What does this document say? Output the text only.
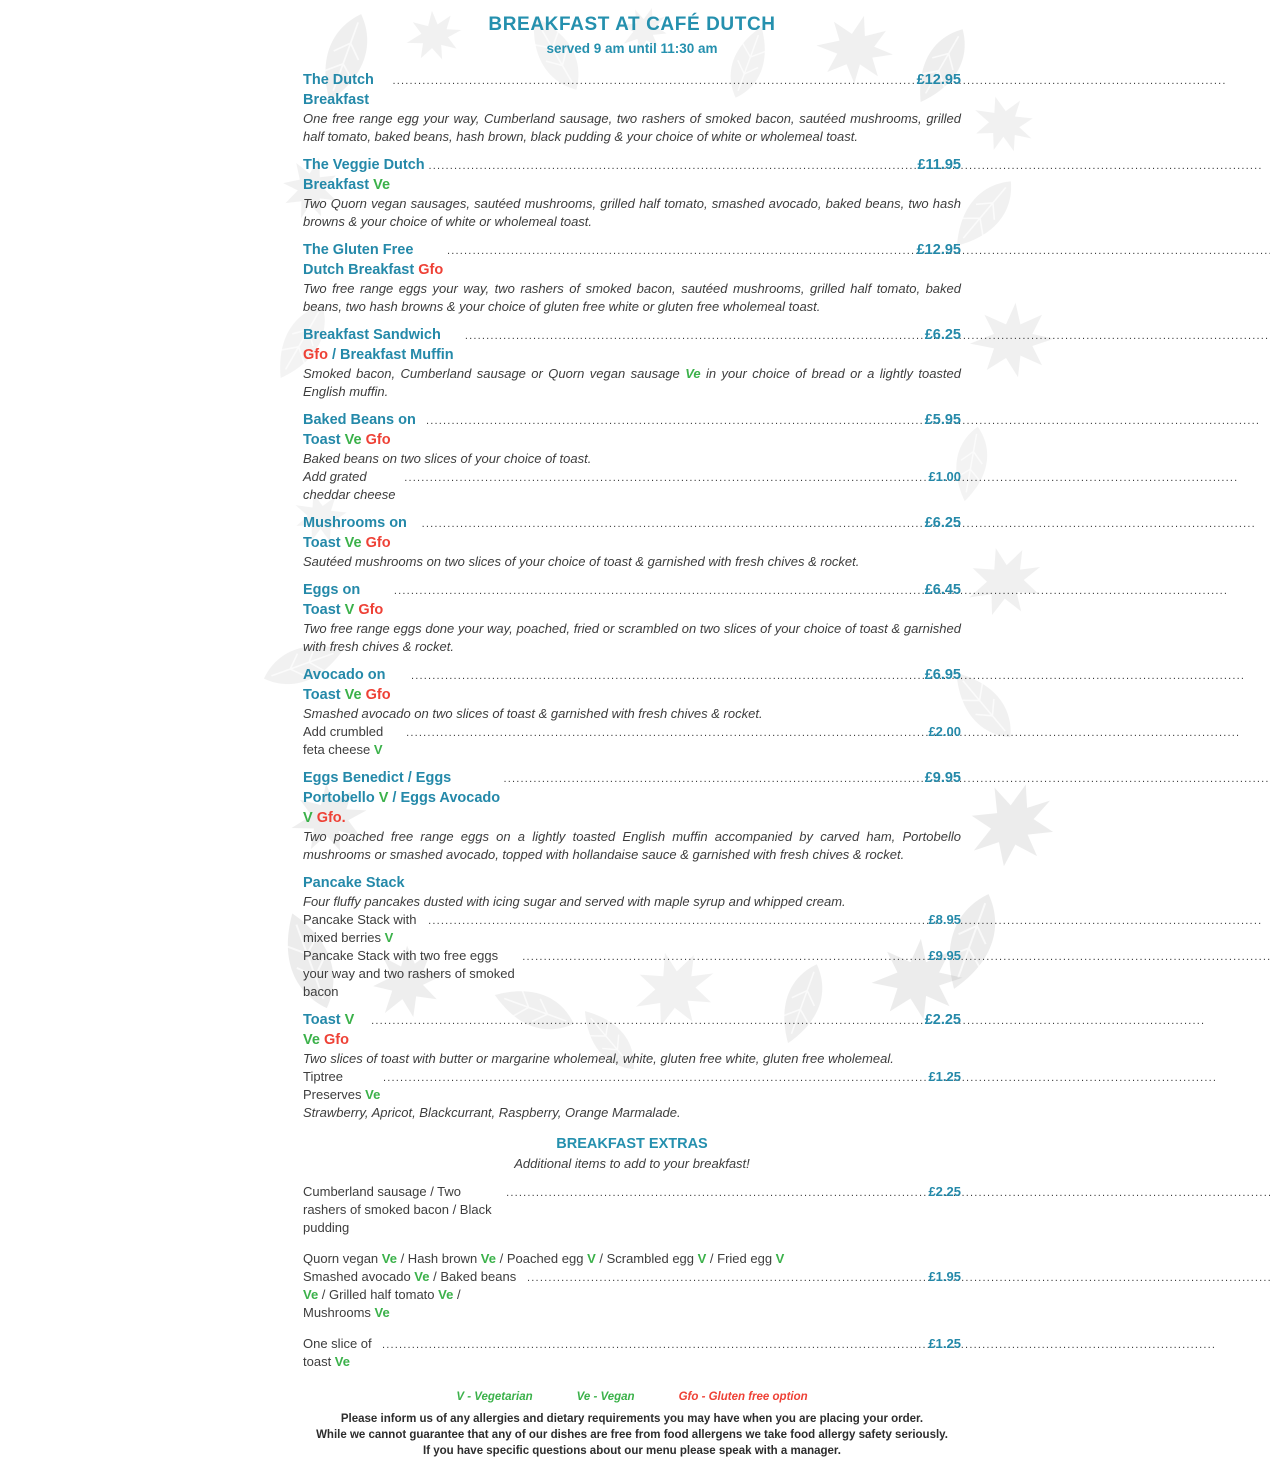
BREAKFAST AT CAFÉ DUTCH
served 9 am until 11:30 am
The Dutch Breakfast
.....
£12.95
One free range egg your way, Cumberland sausage, two rashers of smoked bacon, sautéed mushrooms, grilled half tomato, baked beans, hash brown, black pudding & your choice of white or wholemeal toast.
The Veggie Dutch Breakfast Ve
.....
£11.95
Two Quorn vegan sausages, sautéed mushrooms, grilled half tomato, smashed avocado, baked beans, two hash browns & your choice of white or wholemeal toast.
The Gluten Free Dutch Breakfast Gfo
.....
£12.95
Two free range eggs your way, two rashers of smoked bacon, sautéed mushrooms, grilled half tomato, baked beans, two hash browns & your choice of gluten free white or gluten free wholemeal toast.
Breakfast Sandwich Gfo / Breakfast Muffin
.....
£6.25
Smoked bacon, Cumberland sausage or Quorn vegan sausage Ve in your choice of bread or a lightly toasted English muffin.
Baked Beans on Toast Ve Gfo
.....
£5.95
Baked beans on two slices of your choice of toast.
Add grated cheddar cheese
.....
£1.00
Mushrooms on Toast Ve Gfo
.....
£6.25
Sautéed mushrooms on two slices of your choice of toast & garnished with fresh chives & rocket.
Eggs on Toast V Gfo
.....
£6.45
Two free range eggs done your way, poached, fried or scrambled on two slices of your choice of toast & garnished with fresh chives & rocket.
Avocado on Toast Ve Gfo
.....
£6.95
Smashed avocado on two slices of toast & garnished with fresh chives & rocket.
Add crumbled feta cheese V
.....
£2.00
Eggs Benedict / Eggs Portobello V / Eggs Avocado V Gfo.
.....
£9.95
Two poached free range eggs on a lightly toasted English muffin accompanied by carved ham, Portobello mushrooms or smashed avocado, topped with hollandaise sauce & garnished with fresh chives & rocket.
Pancake Stack
Four fluffy pancakes dusted with icing sugar and served with maple syrup and whipped cream.
Pancake Stack with mixed berries V
.....
£8.95
Pancake Stack with two free eggs your way and two rashers of smoked bacon
.....
£9.95
Toast V Ve Gfo
.....
£2.25
Two slices of toast with butter or margarine wholemeal, white, gluten free white, gluten free wholemeal.
Tiptree Preserves Ve
.....
£1.25
Strawberry, Apricot, Blackcurrant, Raspberry, Orange Marmalade.
BREAKFAST EXTRAS
Additional items to add to your breakfast!
Cumberland sausage / Two rashers of smoked bacon / Black pudding
.....
£2.25
Quorn vegan Ve / Hash brown Ve / Poached egg V / Scrambled egg V / Fried egg V
Smashed avocado Ve / Baked beans Ve / Grilled half tomato Ve / Mushrooms Ve
.....
£1.95
One slice of toast Ve
.....
£1.25
V - Vegetarian	Ve - Vegan	Gfo - Gluten free option
Please inform us of any allergies and dietary requirements you may have when you are placing your order.
While we cannot guarantee that any of our dishes are free from food allergens we take food allergy safety seriously.
If you have specific questions about our menu please speak with a manager.
